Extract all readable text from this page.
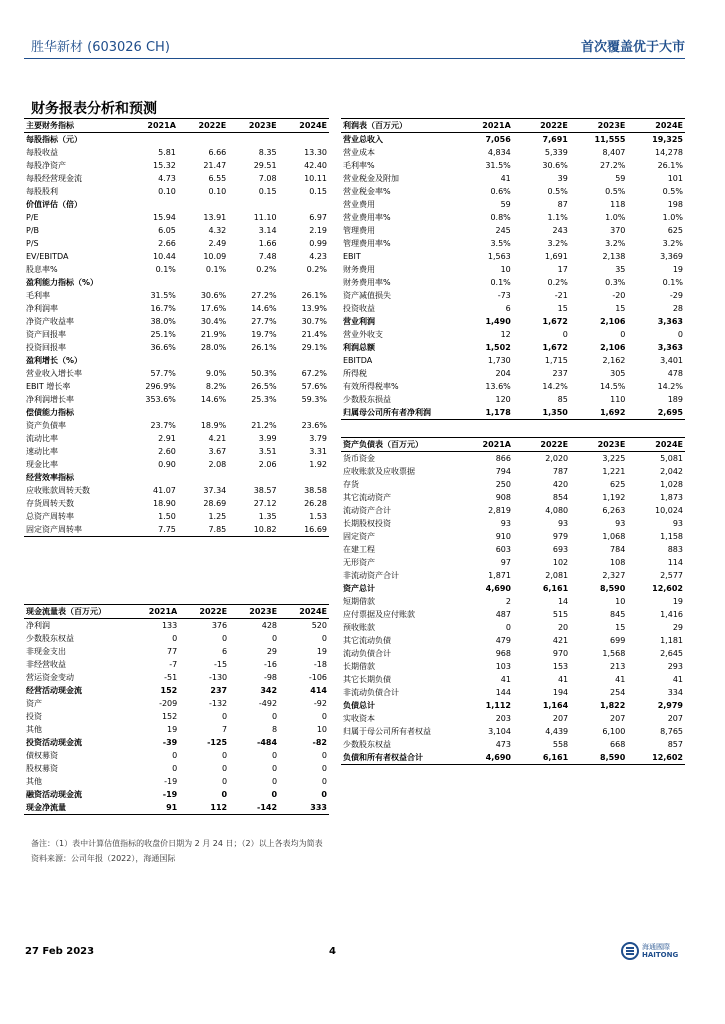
胜华新材 (603026 CH)	首次覆盖优于大市
财务报表分析和预测
主要财务指标	2021A	2022E	2023E	2024E
每股指标（元）				
每股收益	5.81	6.66	8.35	13.30
每股净资产	15.32	21.47	29.51	42.40
每股经营现金流	4.73	6.55	7.08	10.11
每股股利	0.10	0.10	0.15	0.15
价值评估（倍）				
P/E	15.94	13.91	11.10	6.97
P/B	6.05	4.32	3.14	2.19
P/S	2.66	2.49	1.66	0.99
EV/EBITDA	10.44	10.09	7.48	4.23
股息率%	0.1%	0.1%	0.2%	0.2%
盈利能力指标（%）				
毛利率	31.5%	30.6%	27.2%	26.1%
净利润率	16.7%	17.6%	14.6%	13.9%
净资产收益率	38.0%	30.4%	27.7%	30.7%
资产回报率	25.1%	21.9%	19.7%	21.4%
投资回报率	36.6%	28.0%	26.1%	29.1%
盈利增长（%）				
营业收入增长率	57.7%	9.0%	50.3%	67.2%
EBIT 增长率	296.9%	8.2%	26.5%	57.6%
净利润增长率	353.6%	14.6%	25.3%	59.3%
偿债能力指标				
资产负债率	23.7%	18.9%	21.2%	23.6%
流动比率	2.91	4.21	3.99	3.79
速动比率	2.60	3.67	3.51	3.31
现金比率	0.90	2.08	2.06	1.92
经营效率指标				
应收账款周转天数	41.07	37.34	38.57	38.58
存货周转天数	18.90	28.69	27.12	26.28
总资产周转率	1.50	1.25	1.35	1.53
固定资产周转率	7.75	7.85	10.82	16.69
利润表（百万元）	2021A	2022E	2023E	2024E
营业总收入	7,056	7,691	11,555	19,325
营业成本	4,834	5,339	8,407	14,278
毛利率%	31.5%	30.6%	27.2%	26.1%
营业税金及附加	41	39	59	101
营业税金率%	0.6%	0.5%	0.5%	0.5%
营业费用	59	87	118	198
营业费用率%	0.8%	1.1%	1.0%	1.0%
管理费用	245	243	370	625
管理费用率%	3.5%	3.2%	3.2%	3.2%
EBIT	1,563	1,691	2,138	3,369
财务费用	10	17	35	19
财务费用率%	0.1%	0.2%	0.3%	0.1%
资产减值损失	-73	-21	-20	-29
投资收益	6	15	15	28
营业利润	1,490	1,672	2,106	3,363
营业外收支	12	0	0	0
利润总额	1,502	1,672	2,106	3,363
EBITDA	1,730	1,715	2,162	3,401
所得税	204	237	305	478
有效所得税率%	13.6%	14.2%	14.5%	14.2%
少数股东损益	120	85	110	189
归属母公司所有者净利润	1,178	1,350	1,692	2,695
资产负债表（百万元）	2021A	2022E	2023E	2024E
货币资金	866	2,020	3,225	5,081
应收账款及应收票据	794	787	1,221	2,042
存货	250	420	625	1,028
其它流动资产	908	854	1,192	1,873
流动资产合计	2,819	4,080	6,263	10,024
长期股权投资	93	93	93	93
固定资产	910	979	1,068	1,158
在建工程	603	693	784	883
无形资产	97	102	108	114
非流动资产合计	1,871	2,081	2,327	2,577
资产总计	4,690	6,161	8,590	12,602
短期借款	2	14	10	19
应付票据及应付账款	487	515	845	1,416
预收账款	0	20	15	29
其它流动负债	479	421	699	1,181
流动负债合计	968	970	1,568	2,645
长期借款	103	153	213	293
其它长期负债	41	41	41	41
非流动负债合计	144	194	254	334
负债总计	1,112	1,164	1,822	2,979
实收资本	203	207	207	207
归属于母公司所有者权益	3,104	4,439	6,100	8,765
少数股东权益	473	558	668	857
负债和所有者权益合计	4,690	6,161	8,590	12,602
现金流量表（百万元）	2021A	2022E	2023E	2024E
净利润	133	376	428	520
少数股东权益	0	0	0	0
非现金支出	77	6	29	19
非经营收益	-7	-15	-16	-18
营运资金变动	-51	-130	-98	-106
经营活动现金流	152	237	342	414
资产	-209	-132	-492	-92
投资	152	0	0	0
其他	19	7	8	10
投资活动现金流	-39	-125	-484	-82
债权募资	0	0	0	0
股权募资	0	0	0	0
其他	-19	0	0	0
融资活动现金流	-19	0	0	0
现金净流量	91	112	-142	333
备注：（1）表中计算估值指标的收盘价日期为 2 月 24 日；（2）以上各表均为简表
资料来源：公司年报（2022），海通国际
27 Feb 2023	4	海通國際
HAITONG
